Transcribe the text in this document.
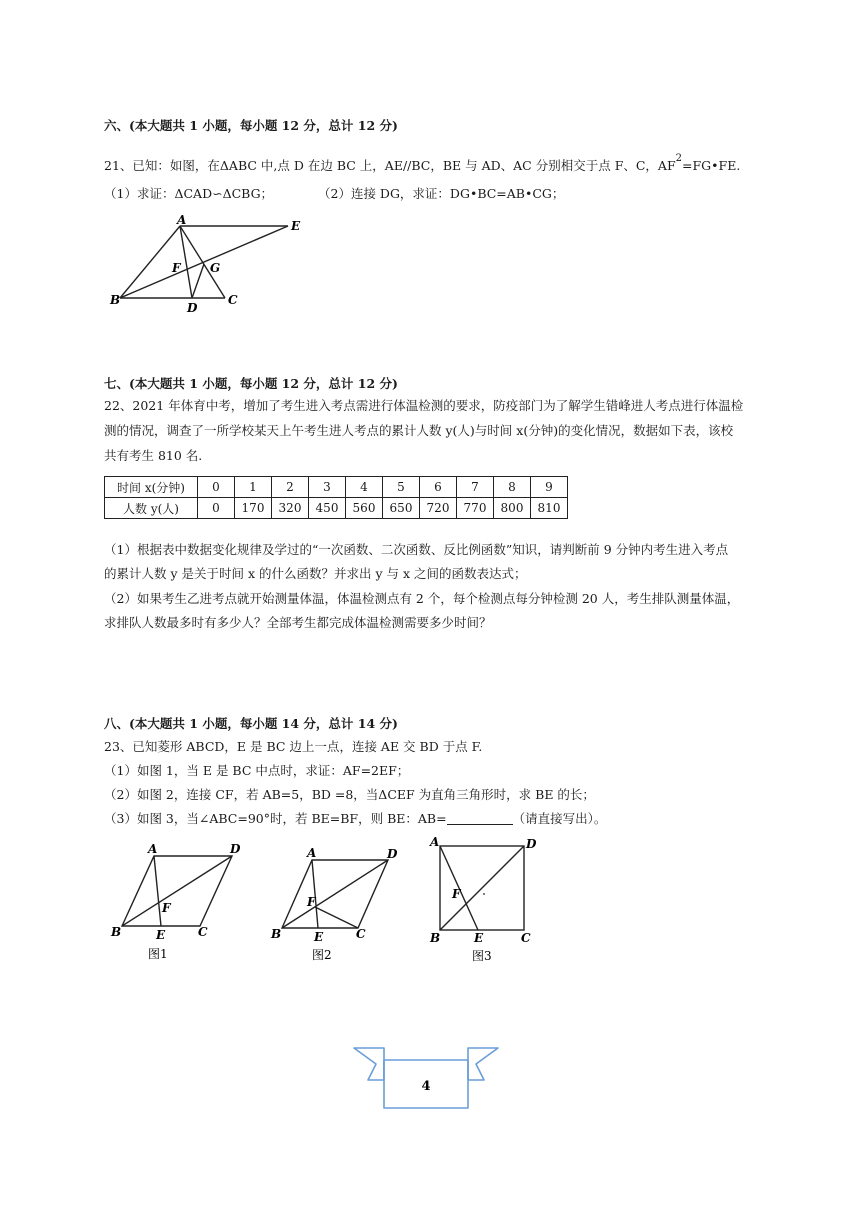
六、(本大题共 1 小题，每小题 12 分，总计 12 分)
21、已知：如图，在ΔABC 中,点 D 在边 BC 上，AE//BC，BE 与 AD、AC 分别相交于点 F、C，$AF^2=FG•FE$.
（1）求证：ΔCAD∽ΔCBG；	（2）连接 DG，求证：DG•BC=AB•CG；
A	E
F G
B
D
C
七、(本大题共 1 小题，每小题 12 分，总计 12 分)
22、2021 年体育中考，增加了考生进入考点需进行体温检测的要求，防疫部门为了解学生错峰进人考点进行体温检
测的情况，调查了一所学校某天上午考生进人考点的累计人数 y(人)与时间 x(分钟)的变化情况，数据如下表，该校
共有考生 810 名.
时间 x(分钟)	0	1	2	3	4	5	6	7	8	9
人数 y(人)	0	170	320	450	560	650	720	770	800	810
（1）根据表中数据变化规律及学过的“一次函数、二次函数、反比例函数”知识，请判断前 9 分钟内考生进入考点
的累计人数 y 是关于时间 x 的什么函数？并求出 y 与 x 之间的函数表达式；
（2）如果考生乙进考点就开始测量体温，体温检测点有 2 个，每个检测点每分钟检测 20 人，考生排队测量体温，
求排队人数最多时有多少人？全部考生都完成体温检测需要多少时间？
八、(本大题共 1 小题，每小题 14 分，总计 14 分)
23、已知菱形 ABCD，E 是 BC 边上一点，连接 AE 交 BD 于点 F.
（1）如图 1，当 E 是 BC 中点时，求证：AF=2EF；
（2）如图 2，连接 CF，若 AB=5，BD =8，当ΔCEF 为直角三角形时，求 BE 的长；
（3）如图 3，当∠ABC=90°时，若 BE=BF，则 BE：AB=	（请直接写出）。
A	D
F
B	E	C
图1
A	D
F
B	E	C
图2
A	D
F
B	E	C
图3
4
